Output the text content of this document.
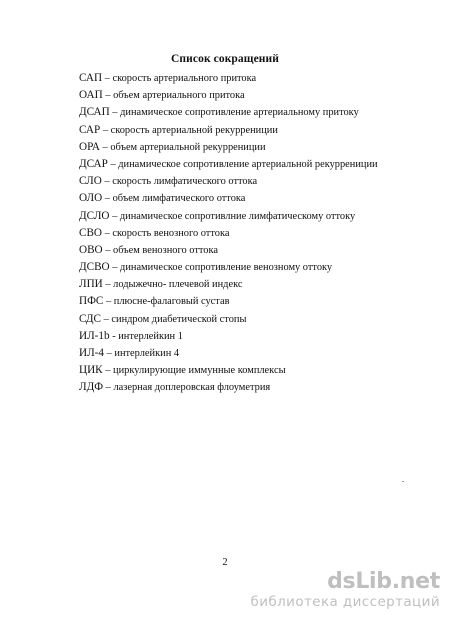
Список сокращений
САП – скорость артериального притока
ОАП – объем артериального притока
ДСАП – динамическое сопротивление артериальному притоку
САР – скорость артериальной рекуррениции
ОРА – объем артериальной рекуррениции
ДСАР – динамическое сопротивление артериальной рекуррениции
СЛО – скорость лимфатического оттока
ОЛО – объем лимфатического оттока
ДСЛО – динамическое сопротивлние лимфатическому оттоку
СВО – скорость венозного оттока
ОВО – объем венозного оттока
ДСВО – динамическое сопротивление венозному оттоку
ЛПИ – лодыжечно- плечевой индекс
ПФС – плюсне-фалаговый сустав
СДС – синдром диабетической стопы
ИЛ-1b - интерлейкин 1
ИЛ-4 – интерлейкин 4
ЦИК – циркулирующие иммунные комплексы
ЛДФ – лазерная доплеровская флоуметрия
2
dsLib.net
библиотека диссертаций
